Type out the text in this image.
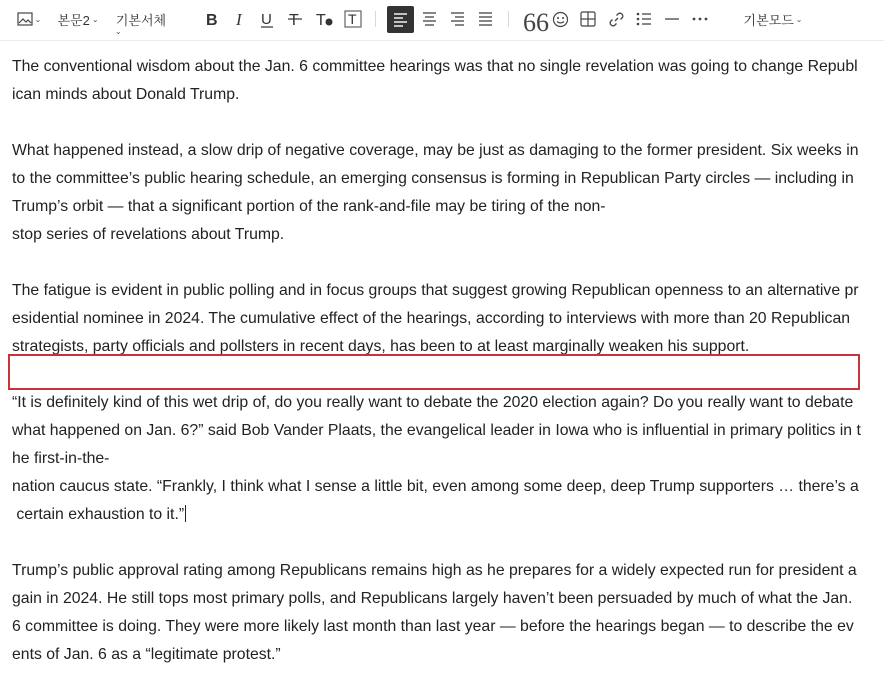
⌄ 본문2 ⌄ 기본서체
⌄
B I U T T T	66	기본모드 ⌄
The conventional wisdom about the Jan. 6 committee hearings was that no single revelation was going to change Republ
ican minds about Donald Trump.
What happened instead, a slow drip of negative coverage, may be just as damaging to the former president. Six weeks in
to the committee’s public hearing schedule, an emerging consensus is forming in Republican Party circles — including in
Trump’s orbit — that a significant portion of the rank-and-file may be tiring of the non-
stop series of revelations about Trump.
The fatigue is evident in public polling and in focus groups that suggest growing Republican openness to an alternative pr
esidential nominee in 2024. The cumulative effect of the hearings, according to interviews with more than 20 Republican
strategists, party officials and pollsters in recent days, has been to at least marginally weaken his support.
“It is definitely kind of this wet drip of, do you really want to debate the 2020 election again? Do you really want to debate
what happened on Jan. 6?” said Bob Vander Plaats, the evangelical leader in Iowa who is influential in primary politics in t
he first-in-the-
nation caucus state. “Frankly, I think what I sense a little bit, even among some deep, deep Trump supporters … there’s a
certain exhaustion to it.”
Trump’s public approval rating among Republicans remains high as he prepares for a widely expected run for president a
gain in 2024. He still tops most primary polls, and Republicans largely haven’t been persuaded by much of what the Jan.
6 committee is doing. They were more likely last month than last year — before the hearings began — to describe the ev
ents of Jan. 6 as a “legitimate protest.”
